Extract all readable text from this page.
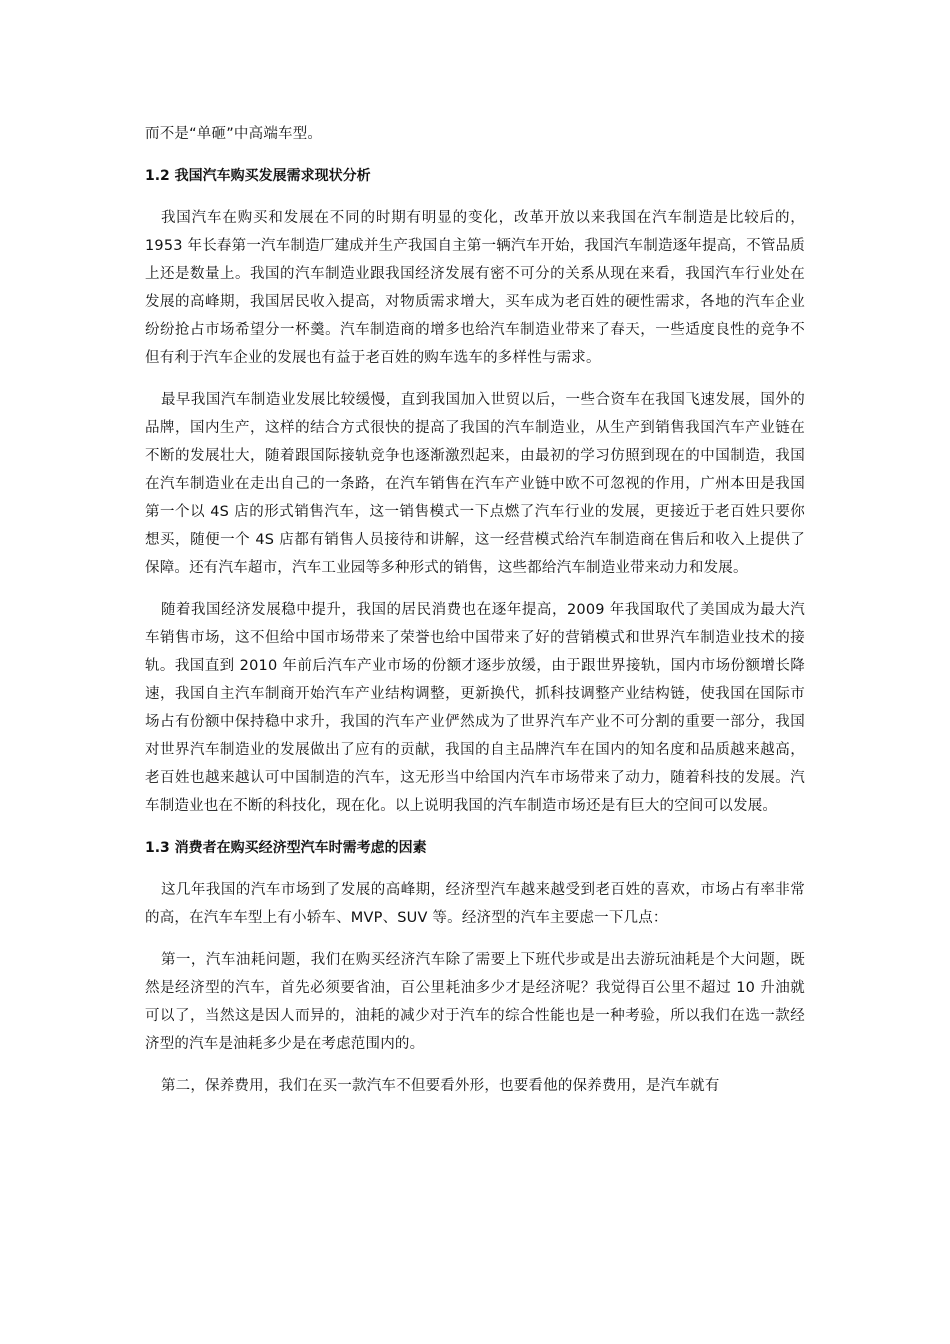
而不是“单砸”中高端车型。

1.2 我国汽车购买发展需求现状分析

我国汽车在购买和发展在不同的时期有明显的变化，改革开放以来我国在汽车制造是比较后的，1953 年长春第一汽车制造厂建成并生产我国自主第一辆汽车开始，我国汽车制造逐年提高，不管品质上还是数量上。我国的汽车制造业跟我国经济发展有密不可分的关系从现在来看，我国汽车行业处在发展的高峰期，我国居民收入提高，对物质需求增大，买车成为老百姓的硬性需求，各地的汽车企业纷纷抢占市场希望分一杯羹。汽车制造商的增多也给汽车制造业带来了春天，一些适度良性的竞争不但有利于汽车企业的发展也有益于老百姓的购车选车的多样性与需求。

最早我国汽车制造业发展比较缓慢，直到我国加入世贸以后，一些合资车在我国飞速发展，国外的品牌，国内生产，这样的结合方式很快的提高了我国的汽车制造业，从生产到销售我国汽车产业链在不断的发展壮大，随着跟国际接轨竞争也逐渐激烈起来，由最初的学习仿照到现在的中国制造，我国在汽车制造业在走出自己的一条路，在汽车销售在汽车产业链中欧不可忽视的作用，广州本田是我国第一个以 4S 店的形式销售汽车，这一销售模式一下点燃了汽车行业的发展，更接近于老百姓只要你想买，随便一个 4S 店都有销售人员接待和讲解，这一经营模式给汽车制造商在售后和收入上提供了保障。还有汽车超市，汽车工业园等多种形式的销售，这些都给汽车制造业带来动力和发展。

随着我国经济发展稳中提升，我国的居民消费也在逐年提高，2009 年我国取代了美国成为最大汽车销售市场，这不但给中国市场带来了荣誉也给中国带来了好的营销模式和世界汽车制造业技术的接轨。我国直到 2010 年前后汽车产业市场的份额才逐步放缓，由于跟世界接轨，国内市场份额增长降速，我国自主汽车制商开始汽车产业结构调整，更新换代，抓科技调整产业结构链，使我国在国际市场占有份额中保持稳中求升，我国的汽车产业俨然成为了世界汽车产业不可分割的重要一部分，我国对世界汽车制造业的发展做出了应有的贡献，我国的自主品牌汽车在国内的知名度和品质越来越高，老百姓也越来越认可中国制造的汽车，这无形当中给国内汽车市场带来了动力，随着科技的发展。汽车制造业也在不断的科技化，现在化。以上说明我国的汽车制造市场还是有巨大的空间可以发展。

1.3 消费者在购买经济型汽车时需考虑的因素

这几年我国的汽车市场到了发展的高峰期，经济型汽车越来越受到老百姓的喜欢，市场占有率非常的高，在汽车车型上有小轿车、MVP、SUV 等。经济型的汽车主要虑一下几点：

第一，汽车油耗问题，我们在购买经济汽车除了需要上下班代步或是出去游玩油耗是个大问题，既然是经济型的汽车，首先必须要省油，百公里耗油多少才是经济呢？我觉得百公里不超过 10 升油就可以了，当然这是因人而异的，油耗的减少对于汽车的综合性能也是一种考验，所以我们在选一款经济型的汽车是油耗多少是在考虑范围内的。

第二，保养费用，我们在买一款汽车不但要看外形，也要看他的保养费用，是汽车就有
